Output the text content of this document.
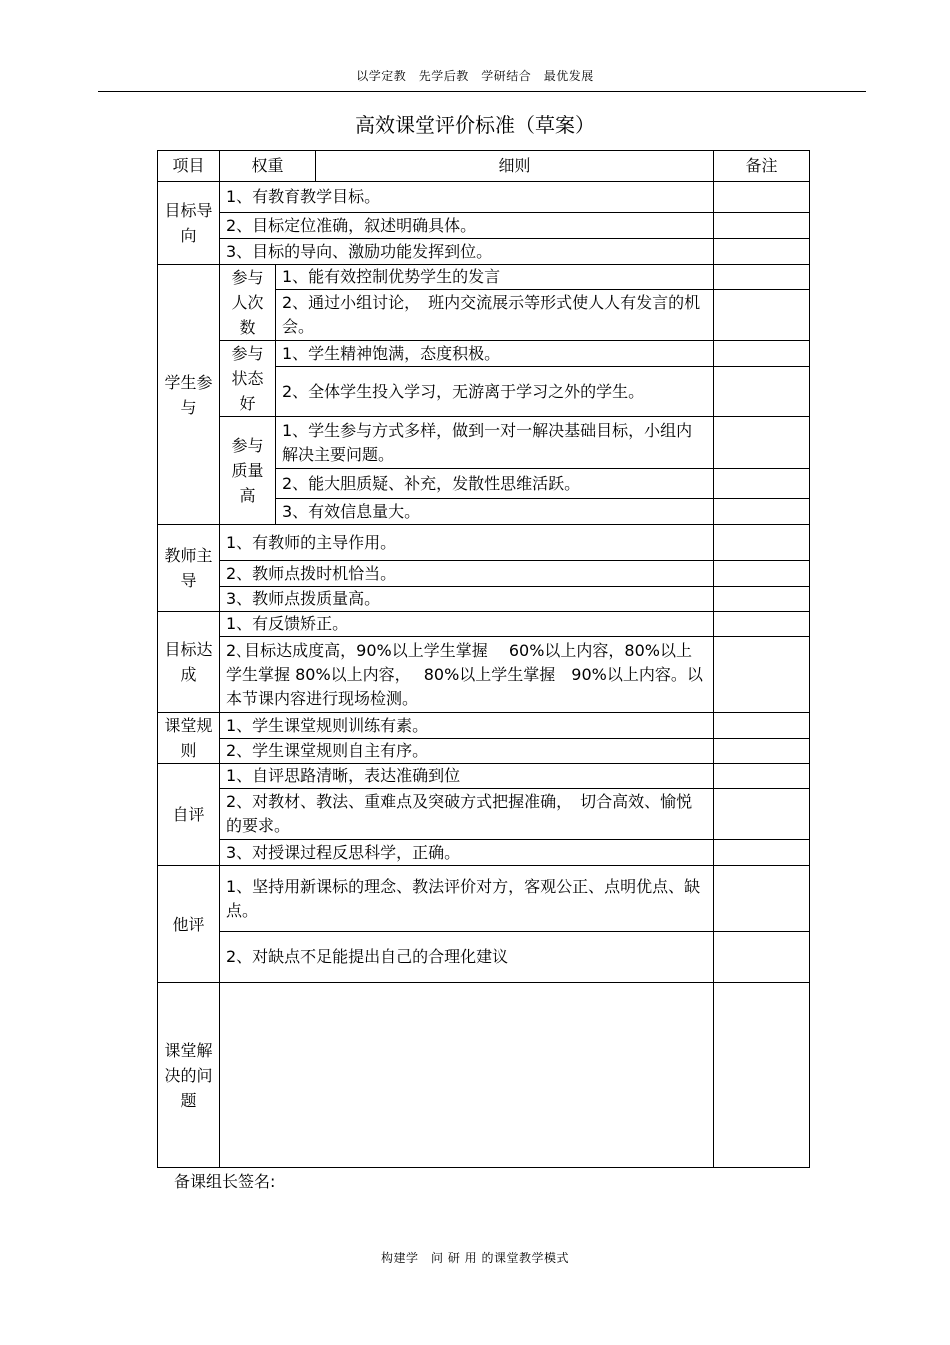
以学定教　先学后教　学研结合　最优发展
高效课堂评价标准（草案）
项目	权重		细则	备注
目标导向	1、有教育教学目标。			
	2、目标定位准确，叙述明确具体。			
	3、目标的导向、激励功能发挥到位。			
学生参与	参与人次数	1、能有效控制优势学生的发言		
		2、通过小组讨论，　班内交流展示等形式使人人有发言的机会。		
	参与状态好	1、学生精神饱满，态度积极。		
		2、全体学生投入学习，无游离于学习之外的学生。		
	参与质量高	1、学生参与方式多样，做到一对一解决基础目标，小组内解决主要问题。		
		2、能大胆质疑、补充，发散性思维活跃。		
		3、有效信息量大。		
教师主导	1、有教师的主导作用。			
	2、教师点拨时机恰当。			
	3、教师点拨质量高。			
目标达成	1、有反馈矫正。			
	2､目标达成度高，90%以上学生掌握　 60%以上内容，80%以上学生掌握 80%以上内容，　 80%以上学生掌握　90%以上内容。以本节课内容进行现场检测。			
课堂规则	1、学生课堂规则训练有素。			
	2、学生课堂规则自主有序。			
自评	1、自评思路清晰，表达准确到位			
	2、对教材、教法、重难点及突破方式把握准确，　切合高效、愉悦的要求。			
	3、对授课过程反思科学，正确。			
他评	1、坚持用新课标的理念、教法评价对方，客观公正、点明优点、缺点。			
	2、对缺点不足能提出自己的合理化建议			
课堂解决的问题				
备课组长签名:
构建学　问 研 用 的课堂教学模式
